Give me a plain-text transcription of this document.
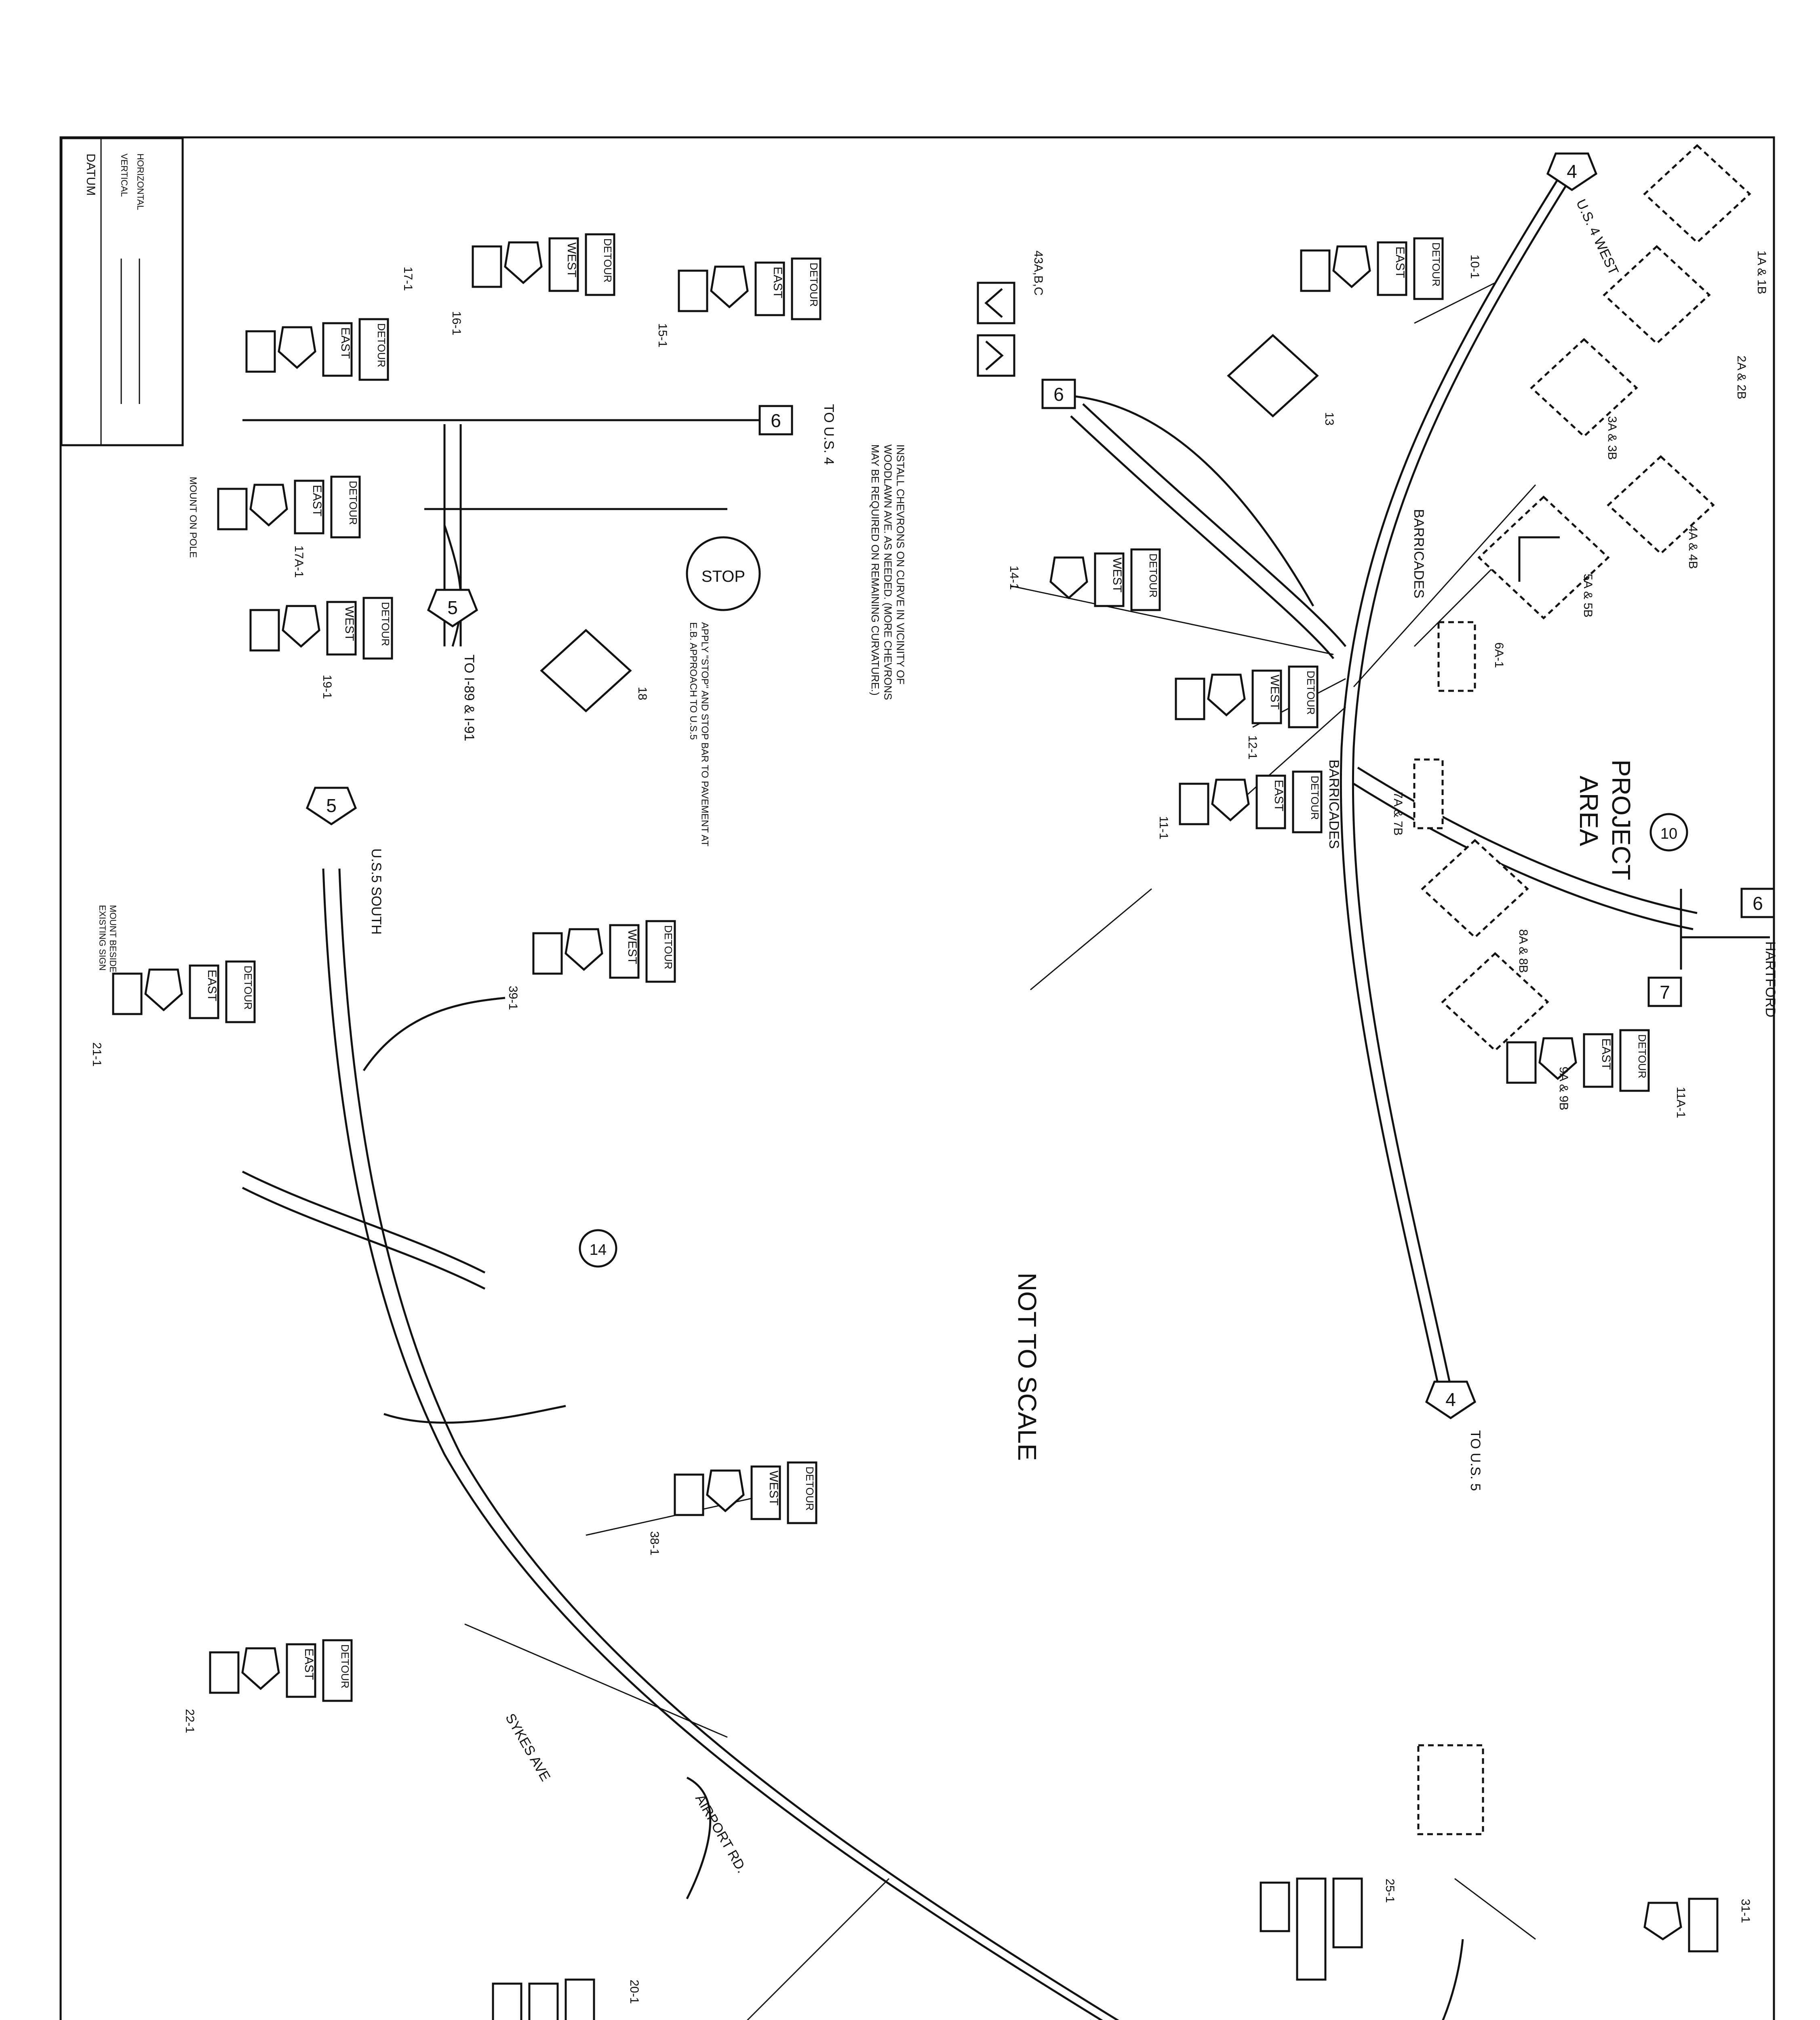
DATUM VERTICAL HORIZONTAL
NOT TO SCALE
PROJECT
AREA
4
4
5
5
6
6
6
7
10
14
U.S.5 SOUTH
U.S. 4 WEST
TO U.S. 5
TO U.S. 4
TO I-89 & I-91
HARTFORD
SYKES AVE
AIRPORT RD.
BARRICADES
BARRICADES
INSTALL CHEVRONS ON CURVE IN VICINITY OF WOODLAWN AVE. AS NEEDED. (MORE CHEVRONS MAY BE REQUIRED ON REMAINING CURVATURE.)
APPLY "STOP" AND STOP BAR TO PAVEMENT AT E.B. APPROACH TO U.S.5
MOUNT ON POLE
MOUNT BESIDE EXISTING SIGN
STOP
43A,B,C	DETOUR
EAST	10-1
DETOUR
EAST
11-1
DETOUR
EAST
11A-1
DETOUR
WEST
12-1
DETOUR
WEST
14-1
DETOUR
EAST
15-1
DETOUR
WEST
16-1
DETOUR
EAST
17-1
DETOUR
EAST
17A-1
DETOUR
WEST
19-1
DETOUR
EAST
21-1
DETOUR
EAST
22-1
DETOUR
WEST
38-1
DETOUR
WEST
39-1
1A & 1B
2A & 2B
3A & 3B
4A & 4B
5A & 5B
6A-1
7A & 7B
8A & 8B
9A & 9B
13
18
20-1
25-1
31-1
